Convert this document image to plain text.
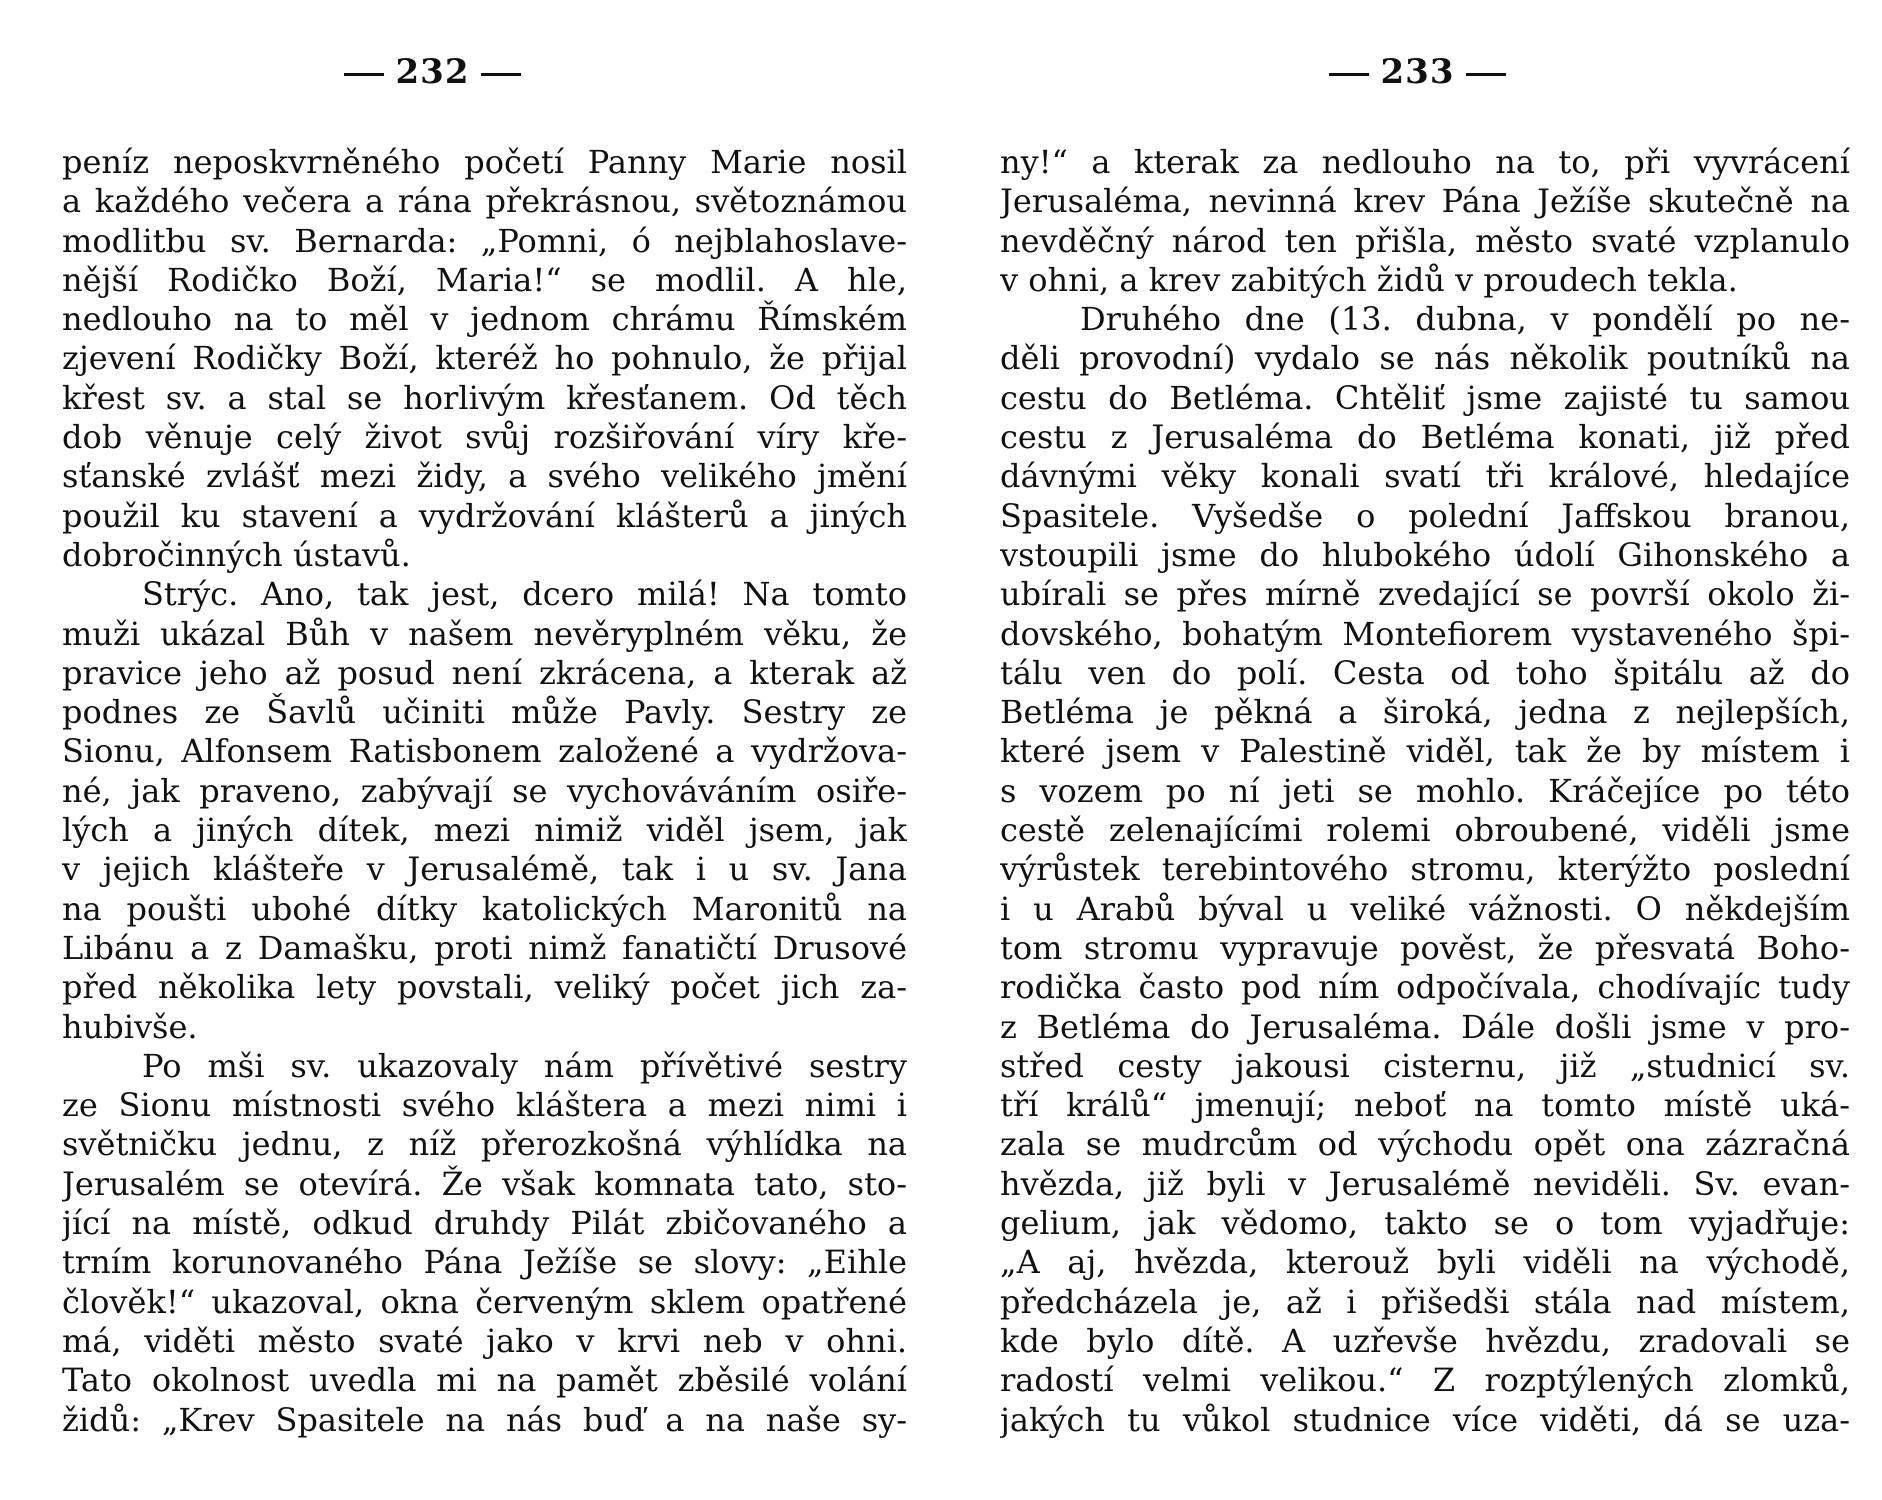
232
peníz neposkvrněného početí Panny Marie nosil
a každého večera a rána překrásnou, světoznámou
modlitbu sv. Bernarda: „Pomni, ó nejblahoslave-
nější Rodičko Boží, Maria!“ se modlil. A hle,
nedlouho na to měl v jednom chrámu Římském
zjevení Rodičky Boží, kteréž ho pohnulo, že přijal
křest sv. a stal se horlivým křesťanem. Od těch
dob věnuje celý život svůj rozšiřování víry kře-
sťanské zvlášť mezi židy, a svého velikého jmění
použil ku stavení a vydržování klášterů a jiných
dobročinných ústavů.
Strýc. Ano, tak jest, dcero milá! Na tomto
muži ukázal Bůh v našem nevěryplném věku, že
pravice jeho až posud není zkrácena, a kterak až
podnes ze Šavlů učiniti může Pavly. Sestry ze
Sionu, Alfonsem Ratisbonem založené a vydržova-
né, jak praveno, zabývají se vychováváním osiře-
lých a jiných dítek, mezi nimiž viděl jsem, jak
v jejich klášteře v Jerusalémě, tak i u sv. Jana
na poušti ubohé dítky katolických Maronitů na
Libánu a z Damašku, proti nimž fanatičtí Drusové
před několika lety povstali, veliký počet jich za-
hubivše.
Po mši sv. ukazovaly nám přívětivé sestry
ze Sionu místnosti svého kláštera a mezi nimi i
světničku jednu, z níž přerozkošná výhlídka na
Jerusalém se otevírá. Že však komnata tato, sto-
jící na místě, odkud druhdy Pilát zbičovaného a
trním korunovaného Pána Ježíše se slovy: „Eihle
člověk!“ ukazoval, okna červeným sklem opatřené
má, viděti město svaté jako v krvi neb v ohni.
Tato okolnost uvedla mi na pamět zběsilé volání
židů: „Krev Spasitele na nás buď a na naše sy-
233
ny!“ a kterak za nedlouho na to, při vyvrácení
Jerusaléma, nevinná krev Pána Ježíše skutečně na
nevděčný národ ten přišla, město svaté vzplanulo
v ohni, a krev zabitých židů v proudech tekla.
Druhého dne (13. dubna, v pondělí po ne-
děli provodní) vydalo se nás několik poutníků na
cestu do Betléma. Chtěliť jsme zajisté tu samou
cestu z Jerusaléma do Betléma konati, již před
dávnými věky konali svatí tři králové, hledajíce
Spasitele. Vyšedše o polední Jaffskou branou,
vstoupili jsme do hlubokého údolí Gihonského a
ubírali se přes mírně zvedající se površí okolo ži-
dovského, bohatým Montefiorem vystaveného špi-
tálu ven do polí. Cesta od toho špitálu až do
Betléma je pěkná a široká, jedna z nejlepších,
které jsem v Palestině viděl, tak že by místem i
s vozem po ní jeti se mohlo. Kráčejíce po této
cestě zelenajícími rolemi obroubené, viděli jsme
výrůstek terebintového stromu, kterýžto poslední
i u Arabů býval u veliké vážnosti. O někdejším
tom stromu vypravuje pověst, že přesvatá Boho-
rodička často pod ním odpočívala, chodívajíc tudy
z Betléma do Jerusaléma. Dále došli jsme v pro-
střed cesty jakousi cisternu, již „studnicí sv.
tří králů“ jmenují; neboť na tomto místě uká-
zala se mudrcům od východu opět ona zázračná
hvězda, již byli v Jerusalémě neviděli. Sv. evan-
gelium, jak vědomo, takto se o tom vyjadřuje:
„A aj, hvězda, kterouž byli viděli na východě,
předcházela je, až i přišedši stála nad místem,
kde bylo dítě. A uzřevše hvězdu, zradovali se
radostí velmi velikou.“ Z rozptýlených zlomků,
jakých tu vůkol studnice více viděti, dá se uza-
